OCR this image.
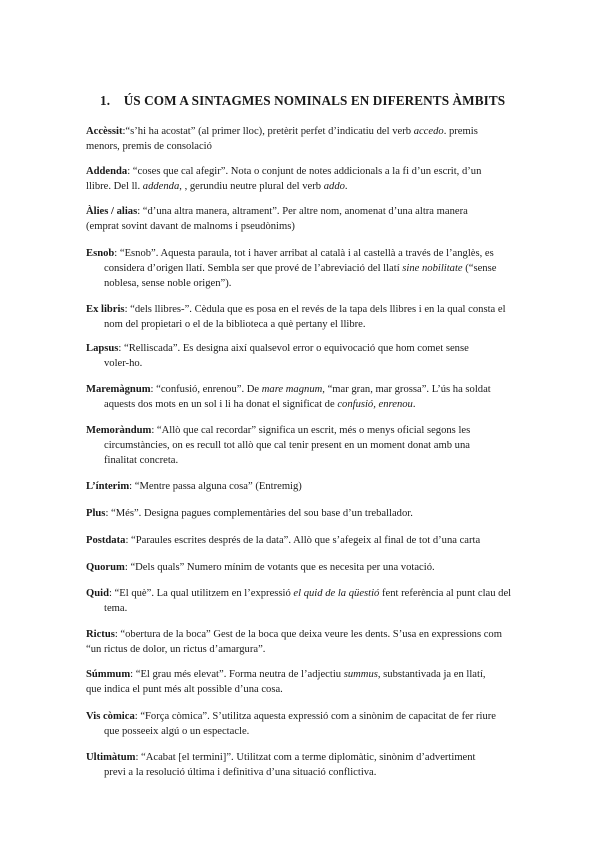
1. ÚS COM A SINTAGMES NOMINALS EN DIFERENTS ÀMBITS
Accèssit:“s’hi ha acostat” (al primer lloc), pretèrit perfet d’indicatiu del verb accedo. premis
menors, premis de consolació
Addenda: “coses que cal afegir”. Nota o conjunt de notes addicionals a la fi d’un escrit, d’un
llibre. Del ll. addenda, , gerundiu neutre plural del verb addo.
Àlies / alias: “d’una altra manera, altrament”. Per altre nom, anomenat d’una altra manera
(emprat sovint davant de malnoms i pseudònims)
Esnob: “Esnob”. Aquesta paraula, tot i haver arribat al català i al castellà a través de l’anglès, es
considera d’origen llatí. Sembla ser que prové de l’abreviació del llatí sine nobilitate (“sense
noblesa, sense noble origen”).
Ex libris: “dels llibres-”. Cèdula que es posa en el revés de la tapa dels llibres i en la qual consta el
nom del propietari o el de la biblioteca a què pertany el llibre.
Lapsus: “Relliscada”. Es designa així qualsevol error o equivocació que hom comet sense
voler-ho.
Maremàgnum: “confusió, enrenou”. De mare magnum, “mar gran, mar grossa”. L’ús ha soldat
aquests dos mots en un sol i li ha donat el significat de confusió, enrenou.
Memoràndum: “Allò que cal recordar” significa un escrit, més o menys oficial segons les
circumstàncies, on es recull tot allò que cal tenir present en un moment donat amb una
finalitat concreta.
L’ínterim: “Mentre passa alguna cosa” (Entremig)
Plus: “Més”. Designa pagues complementàries del sou base d’un treballador.
Postdata: “Paraules escrites després de la data”. Allò que s’afegeix al final de tot d’una carta
Quorum: “Dels quals” Numero mínim de votants que es necesita per una votació.
Quid: “El què”. La qual utilitzem en l’expressió el quid de la qüestió fent referència al punt clau del
tema.
Rictus: “obertura de la boca” Gest de la boca que deixa veure les dents. S’usa en expressions com
“un rictus de dolor, un rictus d’amargura”.
Súmmum: “El grau més elevat”. Forma neutra de l’adjectiu summus, substantivada ja en llatí,
que indica el punt més alt possible d’una cosa.
Vis còmica: “Força còmica”. S’utilitza aquesta expressió com a sinònim de capacitat de fer riure
que posseeix algú o un espectacle.
Ultimàtum: “Acabat [el termini]”. Utilitzat com a terme diplomàtic, sinònim d’advertiment
previ a la resolució última i definitiva d’una situació conflictiva.
